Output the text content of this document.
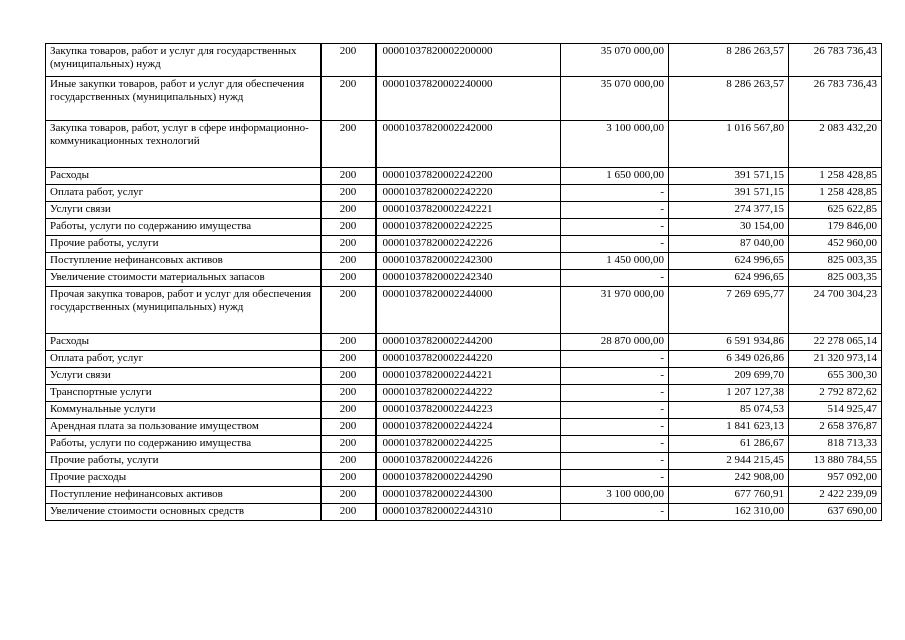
Закупка товаров, работ и услуг для государственных (муниципальных) нужд	200	00001037820002200000	35 070 000,00	8 286 263,57	26 783 736,43
Иные закупки товаров, работ и услуг для обеспечения государственных (муниципальных) нужд	200	00001037820002240000	35 070 000,00	8 286 263,57	26 783 736,43
Закупка товаров, работ, услуг в сфере информационно-коммуникационных технологий	200	00001037820002242000	3 100 000,00	1 016 567,80	2 083 432,20
Расходы	200	00001037820002242200	1 650 000,00	391 571,15	1 258 428,85
Оплата работ, услуг	200	00001037820002242220	-	391 571,15	1 258 428,85
Услуги связи	200	00001037820002242221	-	274 377,15	625 622,85
Работы, услуги по содержанию имущества	200	00001037820002242225	-	30 154,00	179 846,00
Прочие работы, услуги	200	00001037820002242226	-	87 040,00	452 960,00
Поступление нефинансовых активов	200	00001037820002242300	1 450 000,00	624 996,65	825 003,35
Увеличение стоимости материальных запасов	200	00001037820002242340	-	624 996,65	825 003,35
Прочая закупка товаров, работ и услуг для обеспечения государственных (муниципальных) нужд	200	00001037820002244000	31 970 000,00	7 269 695,77	24 700 304,23
Расходы	200	00001037820002244200	28 870 000,00	6 591 934,86	22 278 065,14
Оплата работ, услуг	200	00001037820002244220	-	6 349 026,86	21 320 973,14
Услуги связи	200	00001037820002244221	-	209 699,70	655 300,30
Транспортные услуги	200	00001037820002244222	-	1 207 127,38	2 792 872,62
Коммунальные услуги	200	00001037820002244223	-	85 074,53	514 925,47
Арендная плата за пользование имуществом	200	00001037820002244224	-	1 841 623,13	2 658 376,87
Работы, услуги по содержанию имущества	200	00001037820002244225	-	61 286,67	818 713,33
Прочие работы, услуги	200	00001037820002244226	-	2 944 215,45	13 880 784,55
Прочие расходы	200	00001037820002244290	-	242 908,00	957 092,00
Поступление нефинансовых активов	200	00001037820002244300	3 100 000,00	677 760,91	2 422 239,09
Увеличение стоимости основных средств	200	00001037820002244310	-	162 310,00	637 690,00
